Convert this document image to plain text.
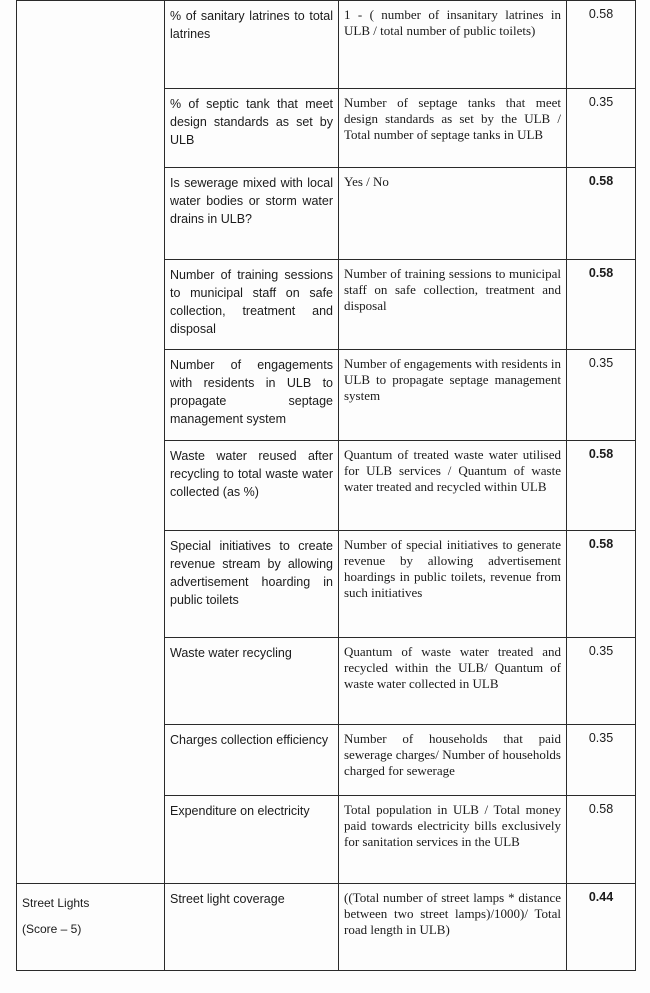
	% of sanitary latrines to total latrines	1 - ( number of insanitary latrines in ULB / total number of public toilets)	0.58
	% of septic tank that meet design standards as set by ULB	Number of septage tanks that meet design standards as set by the ULB / Total number of septage tanks in ULB	0.35
	Is sewerage mixed with local water bodies or storm water drains in ULB?	Yes / No	0.58
	Number of training sessions to municipal staff on safe collection, treatment and disposal	Number of training sessions to municipal staff on safe collection, treatment and disposal	0.58
	Number of engagements with residents in ULB to propagate septage management system	Number of engagements with residents in ULB to propagate septage management system	0.35
	Waste water reused after recycling to total waste water collected (as %)	Quantum of treated waste water utilised for ULB services / Quantum of waste water treated and recycled within ULB	0.58
	Special initiatives to create revenue stream by allowing advertisement hoarding in public toilets	Number of special initiatives to generate revenue by allowing advertisement hoardings in public toilets, revenue from such initiatives	0.58
	Waste water recycling	Quantum of waste water treated and recycled within the ULB/ Quantum of waste water collected in ULB	0.35
	Charges collection efficiency	Number of households that paid sewerage charges/ Number of households charged for sewerage	0.35
	Expenditure on electricity	Total population in ULB / Total money paid towards electricity bills exclusively for sanitation services in the ULB	0.58

Street Lights
(Score – 5)	Street light coverage	((Total number of street lamps * distance between two street lamps)/1000)/ Total road length in ULB)	0.44
